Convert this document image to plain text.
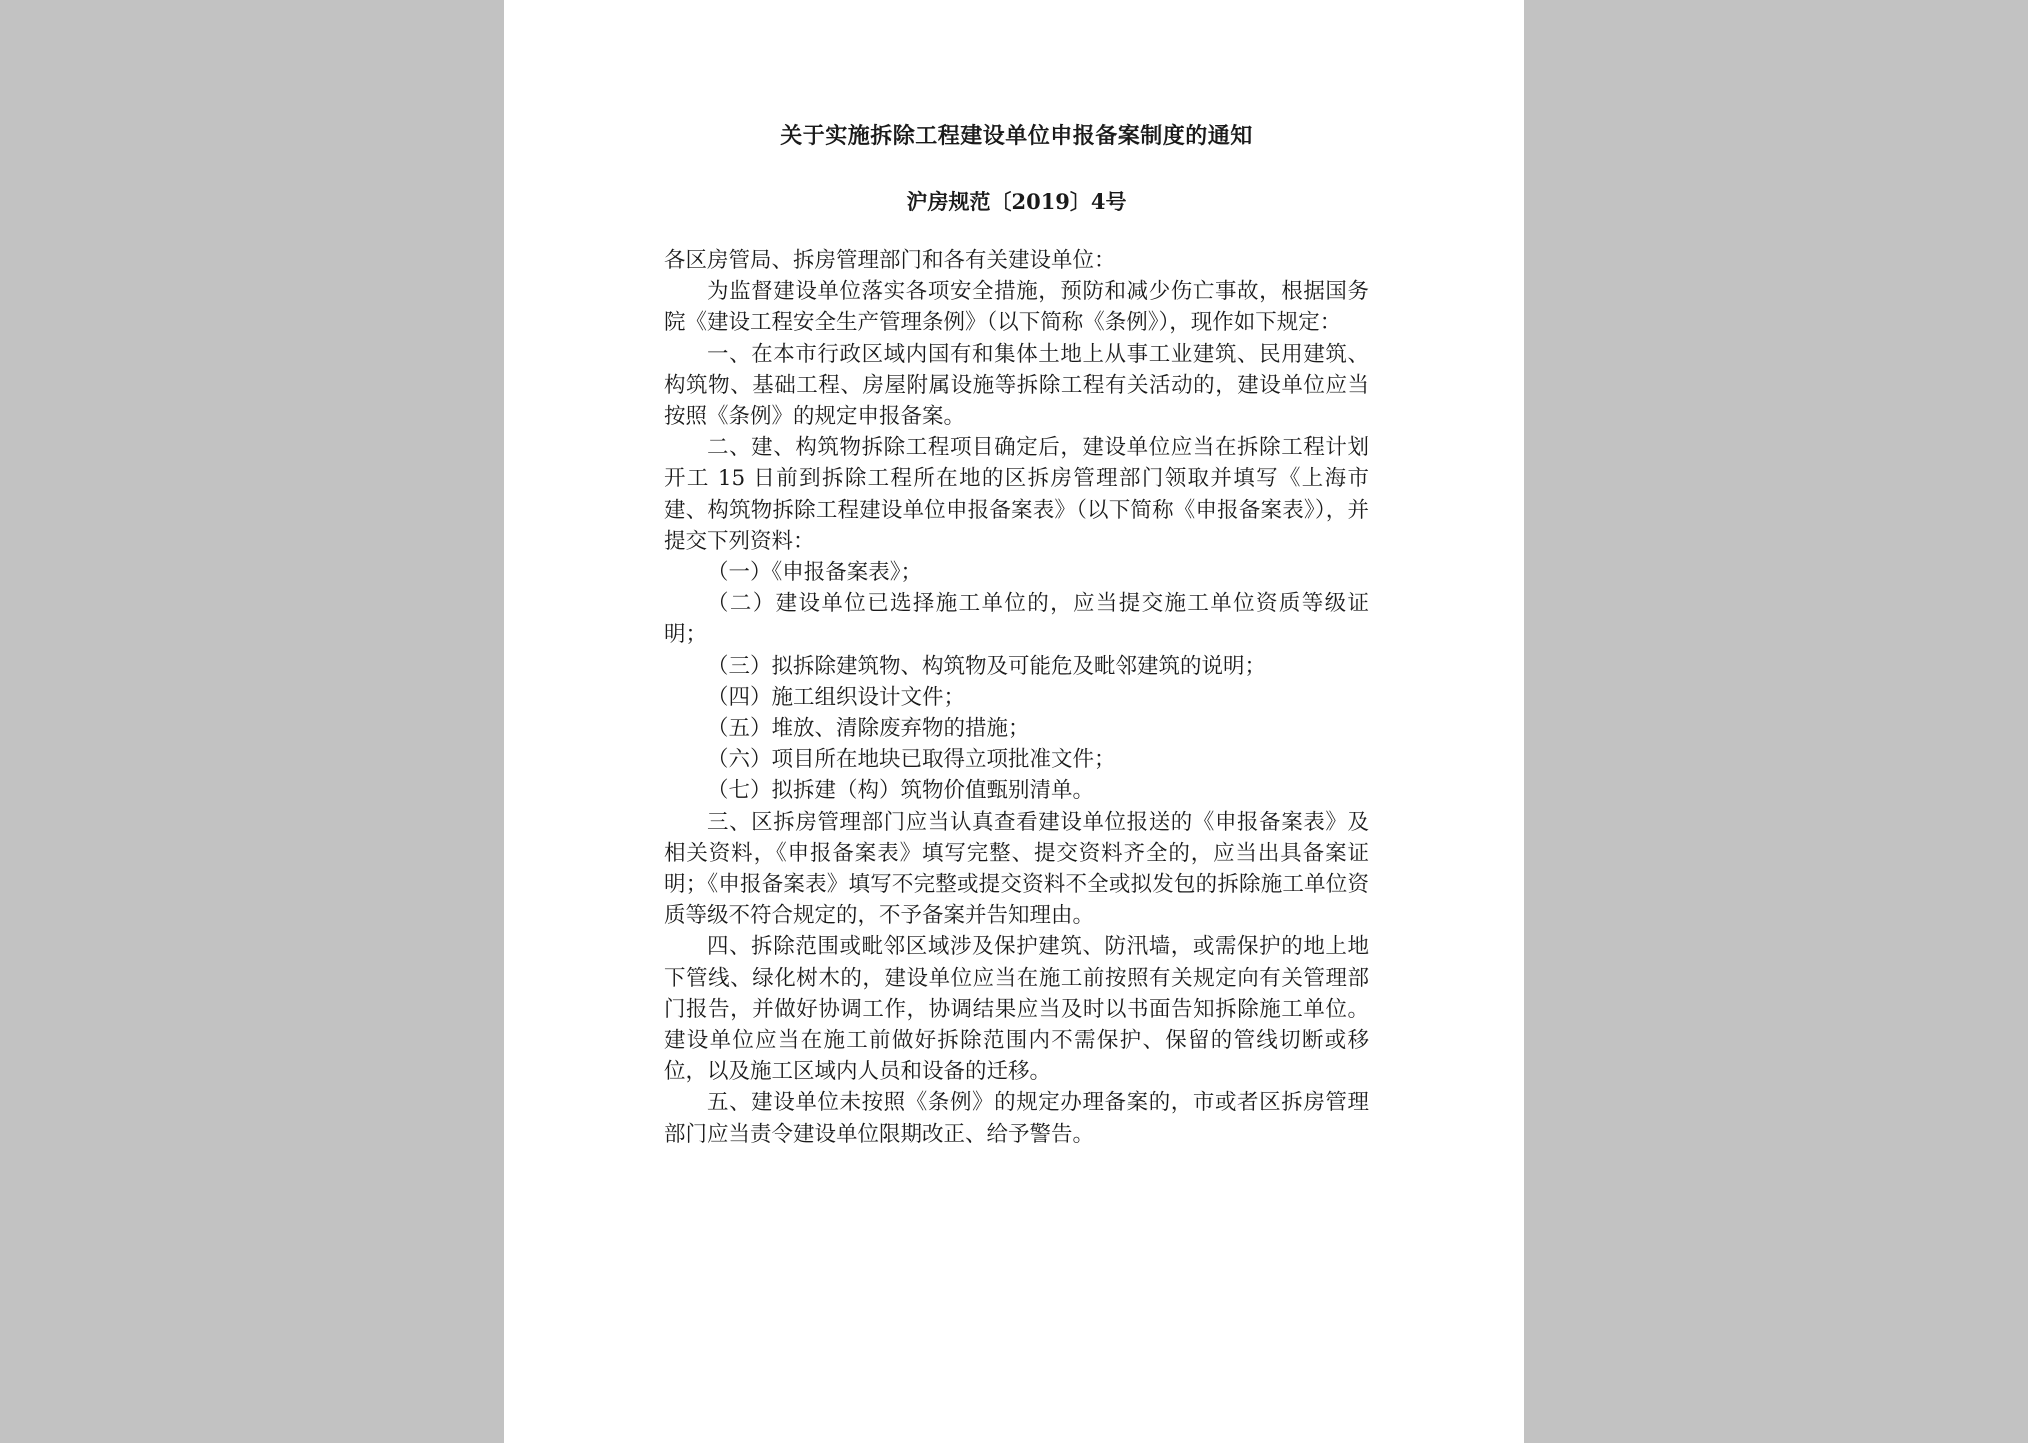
关于实施拆除工程建设单位申报备案制度的通知
沪房规范〔2019〕4号

各区房管局、拆房管理部门和各有关建设单位：

为监督建设单位落实各项安全措施，预防和减少伤亡事故，根据国务院《建设工程安全生产管理条例》（以下简称《条例》），现作如下规定：

一、在本市行政区域内国有和集体土地上从事工业建筑、民用建筑、构筑物、基础工程、房屋附属设施等拆除工程有关活动的，建设单位应当按照《条例》的规定申报备案。

二、建、构筑物拆除工程项目确定后，建设单位应当在拆除工程计划开工 15 日前到拆除工程所在地的区拆房管理部门领取并填写《上海市建、构筑物拆除工程建设单位申报备案表》（以下简称《申报备案表》），并提交下列资料：

（一）《申报备案表》；

（二）建设单位已选择施工单位的，应当提交施工单位资质等级证明；

（三）拟拆除建筑物、构筑物及可能危及毗邻建筑的说明；

（四）施工组织设计文件；

（五）堆放、清除废弃物的措施；

（六）项目所在地块已取得立项批准文件；

（七）拟拆建（构）筑物价值甄别清单。

三、区拆房管理部门应当认真查看建设单位报送的《申报备案表》及相关资料，《申报备案表》填写完整、提交资料齐全的，应当出具备案证明；《申报备案表》填写不完整或提交资料不全或拟发包的拆除施工单位资质等级不符合规定的，不予备案并告知理由。

四、拆除范围或毗邻区域涉及保护建筑、防汛墙，或需保护的地上地下管线、绿化树木的，建设单位应当在施工前按照有关规定向有关管理部门报告，并做好协调工作，协调结果应当及时以书面告知拆除施工单位。建设单位应当在施工前做好拆除范围内不需保护、保留的管线切断或移位，以及施工区域内人员和设备的迁移。

五、建设单位未按照《条例》的规定办理备案的，市或者区拆房管理部门应当责令建设单位限期改正、给予警告。
